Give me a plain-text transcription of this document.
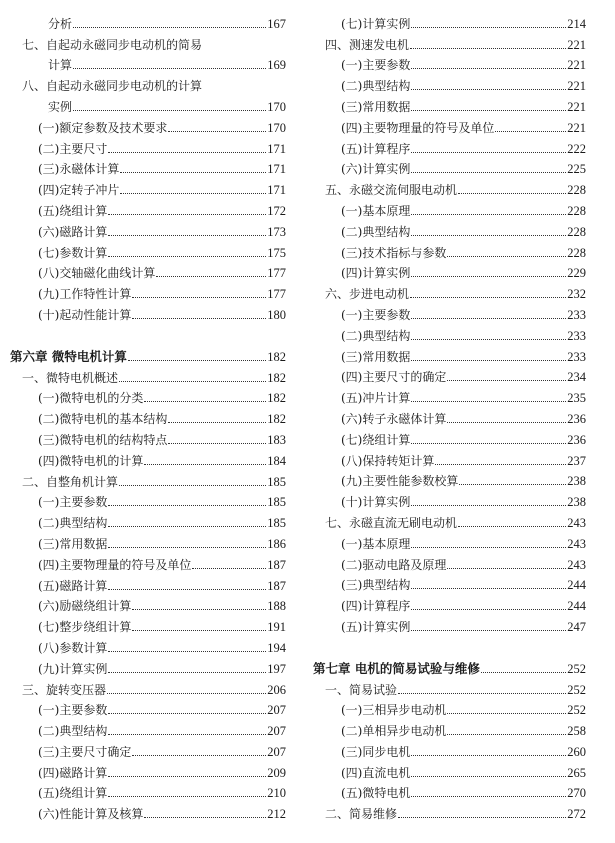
分析	167
七、自起动永磁同步电动机的简易
计算	169
八、自起动永磁同步电动机的计算
实例	170
(一)额定参数及技术要求	170
(二)主要尺寸	171
(三)永磁体计算	171
(四)定转子冲片	171
(五)绕组计算	172
(六)磁路计算	173
(七)参数计算	175
(八)交轴磁化曲线计算	177
(九)工作特性计算	177
(十)起动性能计算	180
第六章 微特电机计算	182
一、微特电机概述	182
(一)微特电机的分类	182
(二)微特电机的基本结构	182
(三)微特电机的结构特点	183
(四)微特电机的计算	184
二、自整角机计算	185
(一)主要参数	185
(二)典型结构	185
(三)常用数据	186
(四)主要物理量的符号及单位	187
(五)磁路计算	187
(六)励磁绕组计算	188
(七)整步绕组计算	191
(八)参数计算	194
(九)计算实例	197
三、旋转变压器	206
(一)主要参数	207
(二)典型结构	207
(三)主要尺寸确定	207
(四)磁路计算	209
(五)绕组计算	210
(六)性能计算及核算	212
(七)计算实例	214
四、测速发电机	221
(一)主要参数	221
(二)典型结构	221
(三)常用数据	221
(四)主要物理量的符号及单位	221
(五)计算程序	222
(六)计算实例	225
五、永磁交流伺服电动机	228
(一)基本原理	228
(二)典型结构	228
(三)技术指标与参数	228
(四)计算实例	229
六、步进电动机	232
(一)主要参数	233
(二)典型结构	233
(三)常用数据	233
(四)主要尺寸的确定	234
(五)冲片计算	235
(六)转子永磁体计算	236
(七)绕组计算	236
(八)保持转矩计算	237
(九)主要性能参数校算	238
(十)计算实例	238
七、永磁直流无刷电动机	243
(一)基本原理	243
(二)驱动电路及原理	243
(三)典型结构	244
(四)计算程序	244
(五)计算实例	247
第七章 电机的简易试验与维修	252
一、简易试验	252
(一)三相异步电动机	252
(二)单相异步电动机	258
(三)同步电机	260
(四)直流电机	265
(五)微特电机	270
二、简易维修	272
